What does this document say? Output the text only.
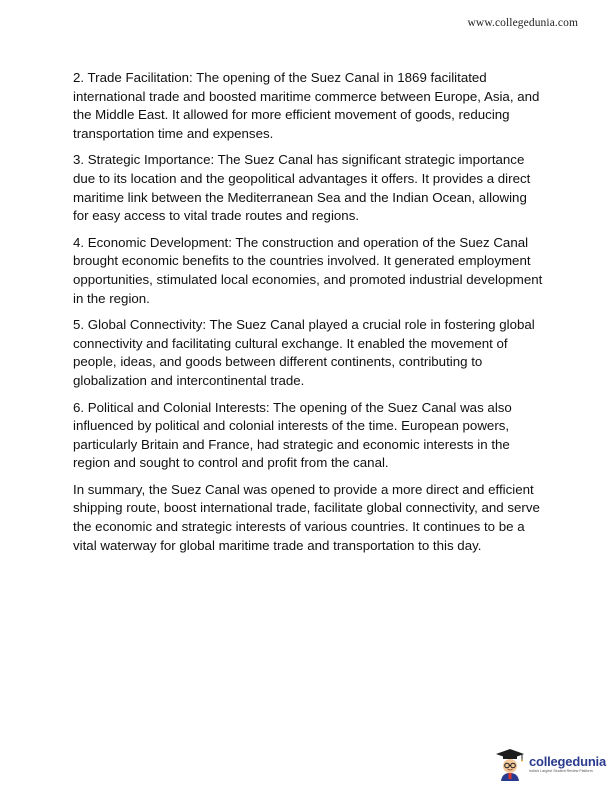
www.collegedunia.com

2. Trade Facilitation: The opening of the Suez Canal in 1869 facilitated international trade and boosted maritime commerce between Europe, Asia, and the Middle East. It allowed for more efficient movement of goods, reducing transportation time and expenses.

3. Strategic Importance: The Suez Canal has significant strategic importance due to its location and the geopolitical advantages it offers. It provides a direct maritime link between the Mediterranean Sea and the Indian Ocean, allowing for easy access to vital trade routes and regions.

4. Economic Development: The construction and operation of the Suez Canal brought economic benefits to the countries involved. It generated employment opportunities, stimulated local economies, and promoted industrial development in the region.

5. Global Connectivity: The Suez Canal played a crucial role in fostering global connectivity and facilitating cultural exchange. It enabled the movement of people, ideas, and goods between different continents, contributing to globalization and intercontinental trade.

6. Political and Colonial Interests: The opening of the Suez Canal was also influenced by political and colonial interests of the time. European powers, particularly Britain and France, had strategic and economic interests in the region and sought to control and profit from the canal.

In summary, the Suez Canal was opened to provide a more direct and efficient shipping route, boost international trade, facilitate global connectivity, and serve the economic and strategic interests of various countries. It continues to be a vital waterway for global maritime trade and transportation to this day.

collegedunia
India's Largest Student Review Platform
